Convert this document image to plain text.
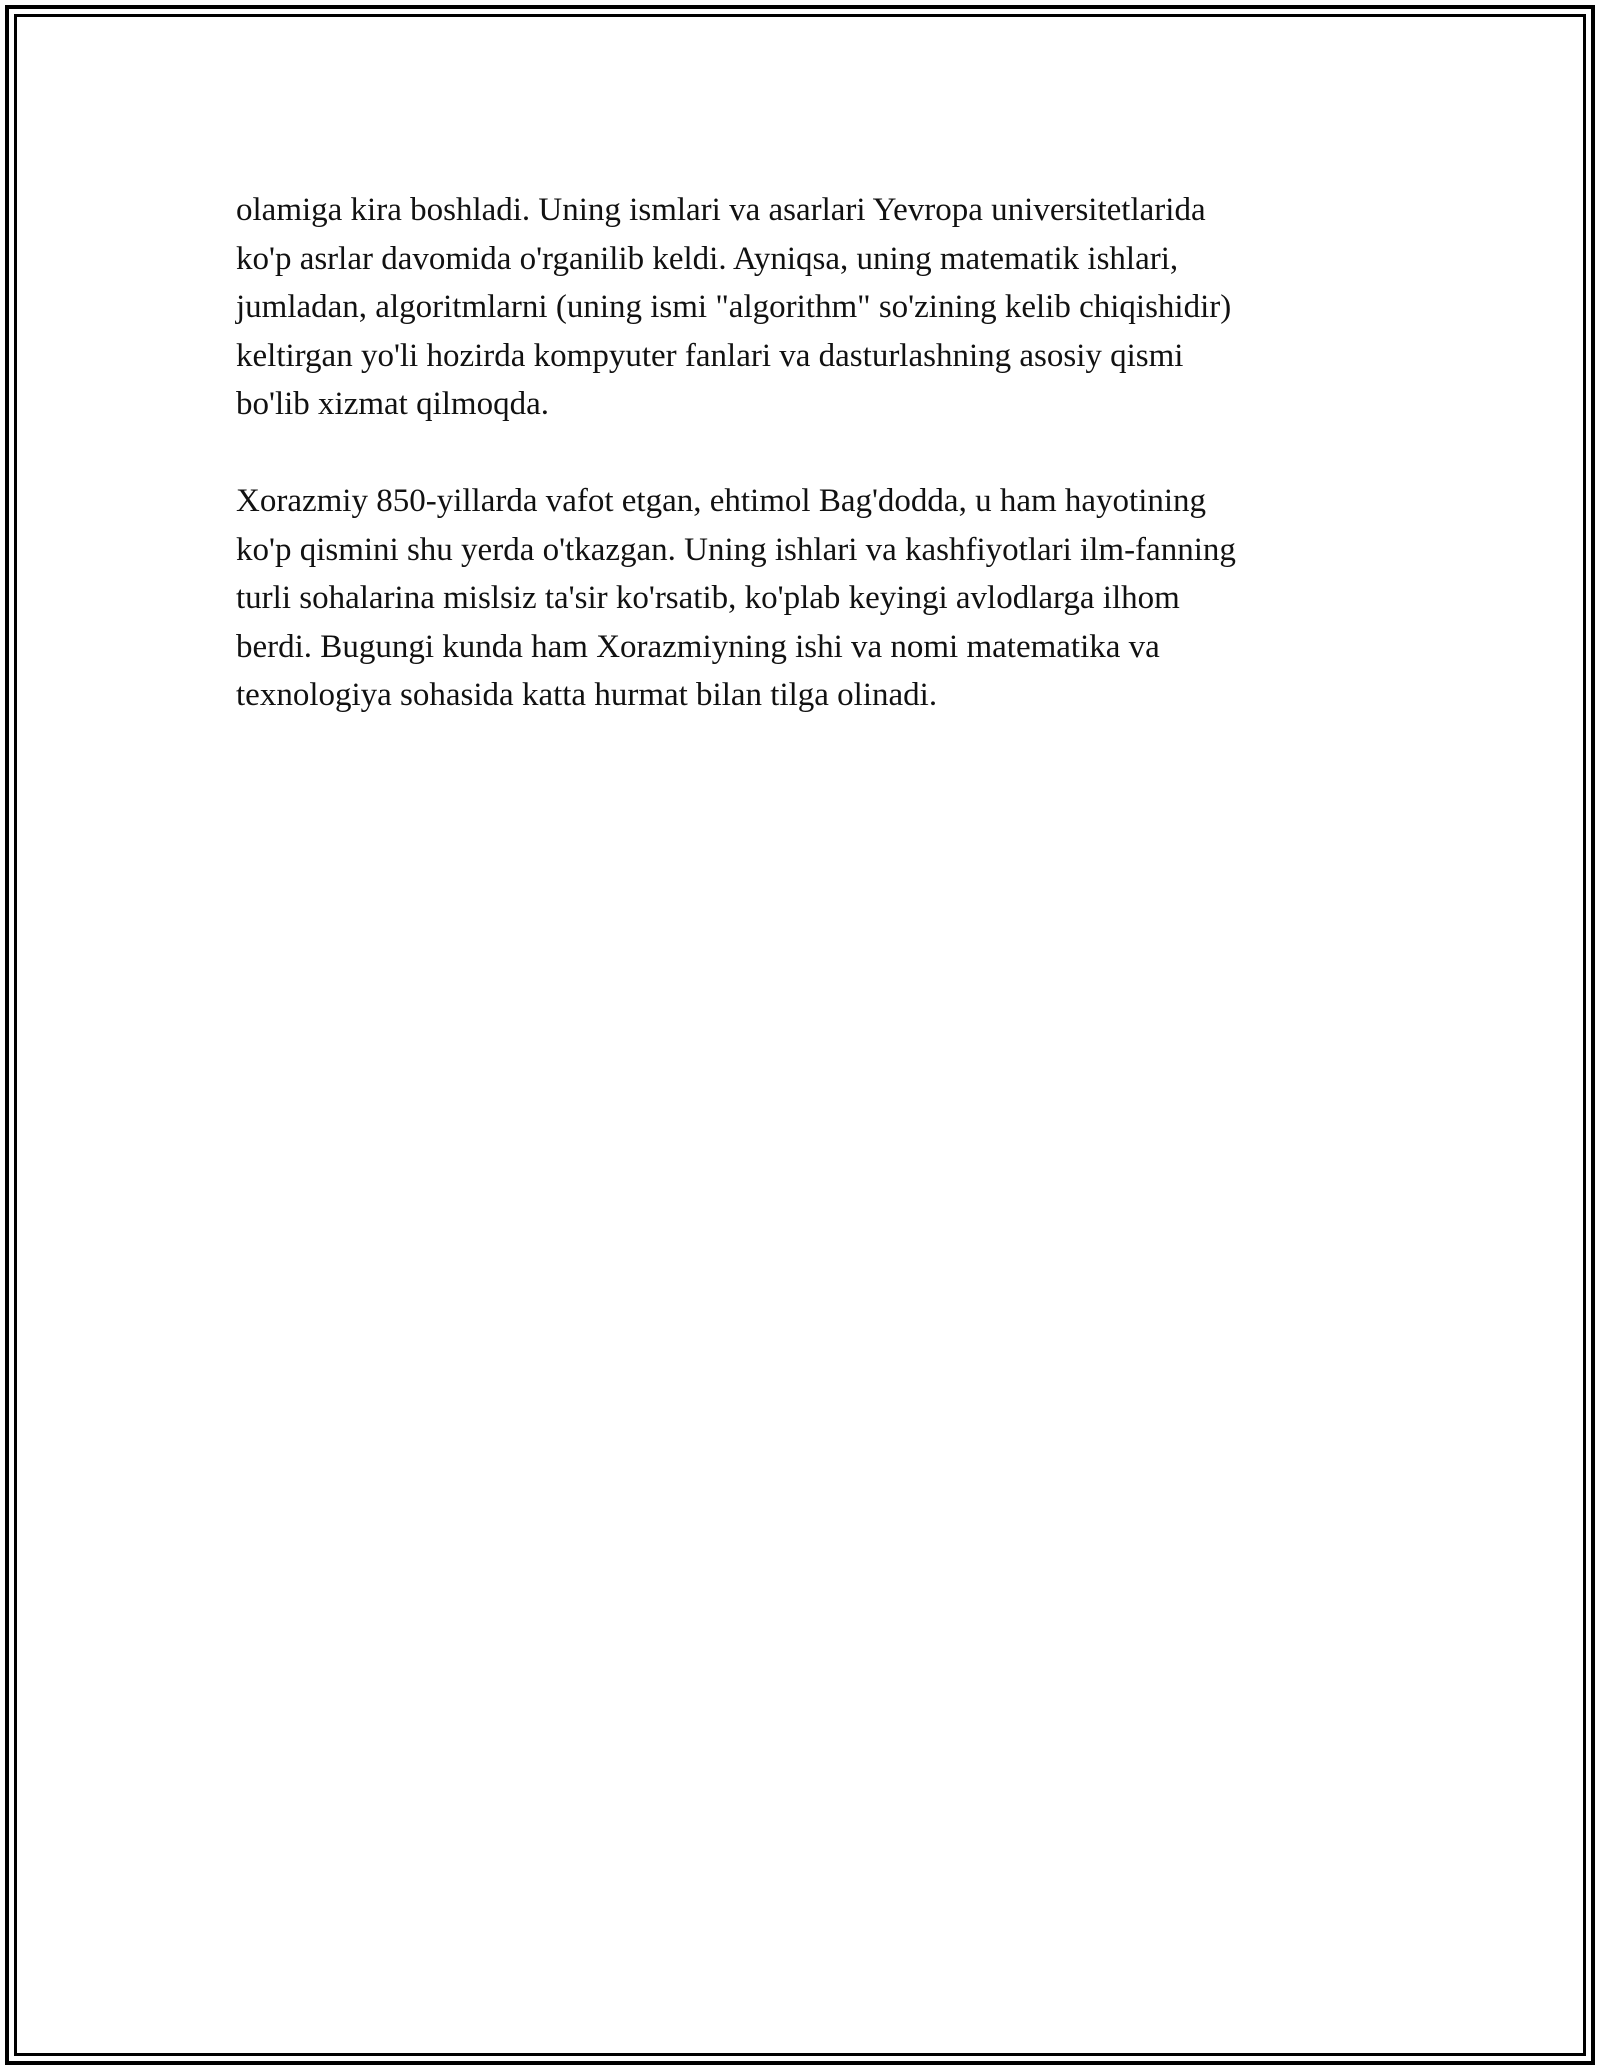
olamiga kira boshladi. Uning ismlari va asarlari Yevropa universitetlarida
ko'p asrlar davomida o'rganilib keldi. Ayniqsa, uning matematik ishlari,
jumladan, algoritmlarni (uning ismi "algorithm" so'zining kelib chiqishidir)
keltirgan yo'li hozirda kompyuter fanlari va dasturlashning asosiy qismi
bo'lib xizmat qilmoqda.
Xorazmiy 850-yillarda vafot etgan, ehtimol Bag'dodda, u ham hayotining
ko'p qismini shu yerda o'tkazgan. Uning ishlari va kashfiyotlari ilm-fanning
turli sohalarina mislsiz ta'sir ko'rsatib, ko'plab keyingi avlodlarga ilhom
berdi. Bugungi kunda ham Xorazmiyning ishi va nomi matematika va
texnologiya sohasida katta hurmat bilan tilga olinadi.
